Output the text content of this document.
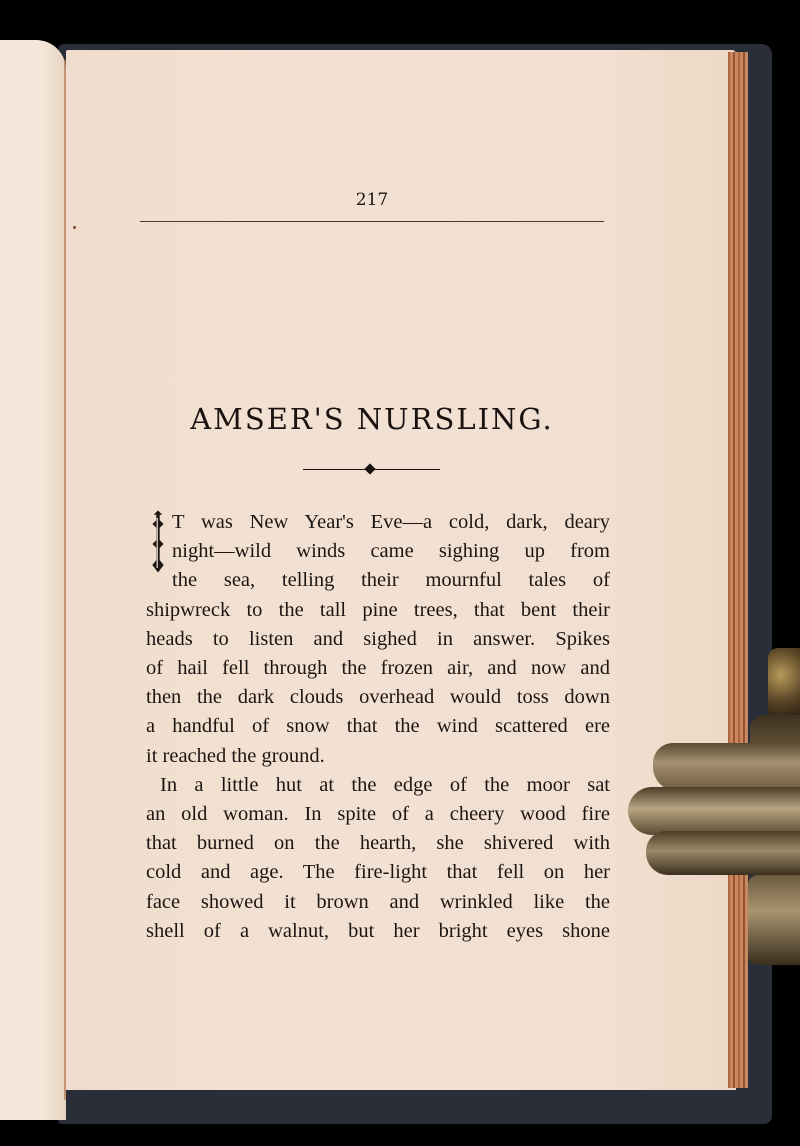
217
AMSER'S NURSLING.
T was New Year's Eve—a cold, dark, deary
night—wild winds came sighing up from
the sea, telling their mournful tales of
shipwreck to the tall pine trees, that bent their
heads to listen and sighed in answer. Spikes
of hail fell through the frozen air, and now and
then the dark clouds overhead would toss down
a handful of snow that the wind scattered ere
it reached the ground.
In a little hut at the edge of the moor sat
an old woman. In spite of a cheery wood fire
that burned on the hearth, she shivered with
cold and age. The fire-light that fell on her
face showed it brown and wrinkled like the
shell of a walnut, but her bright eyes shone
